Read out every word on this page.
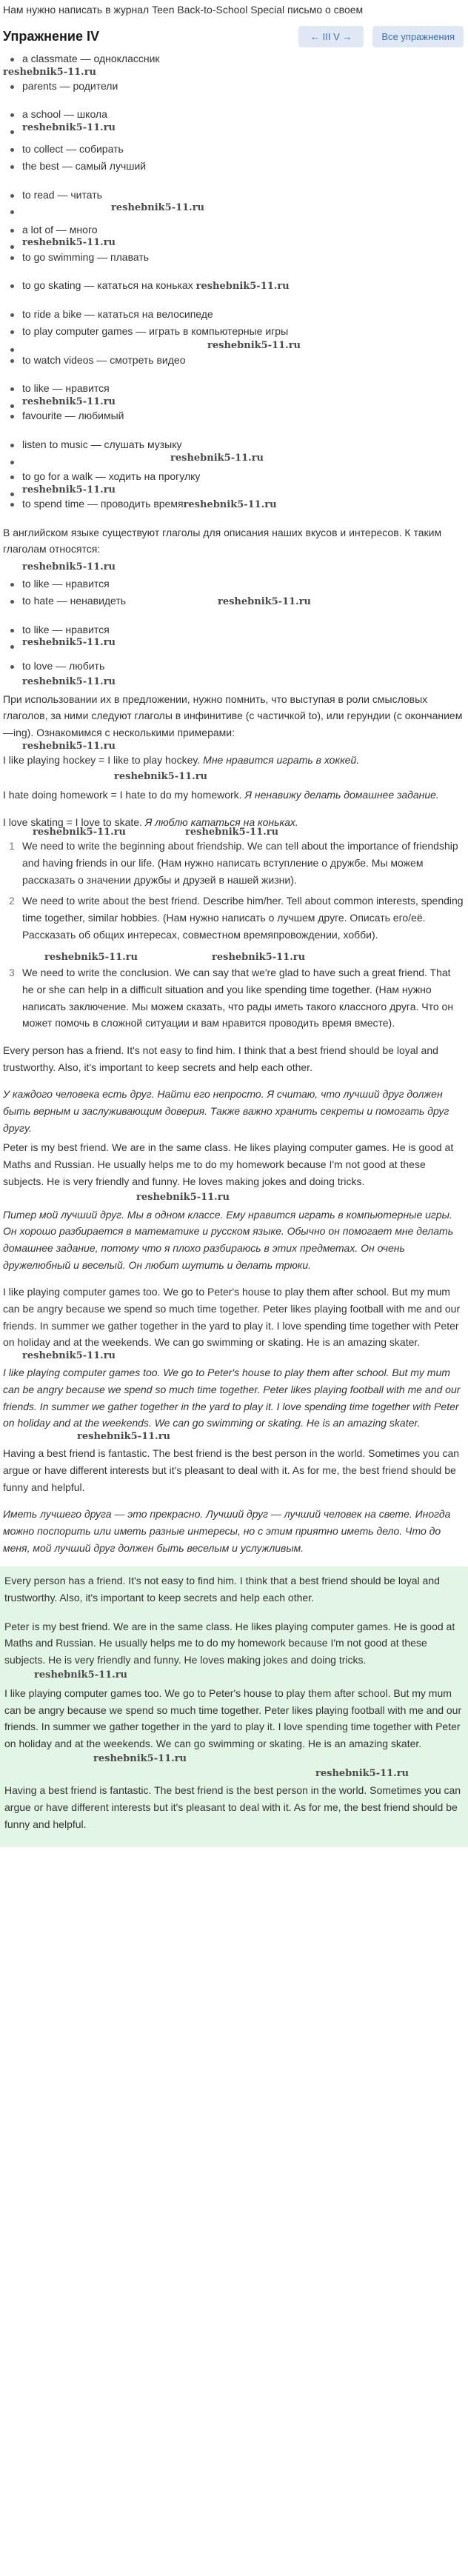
Нам нужно написать в журнал Teen Back-to-School Special письмо о своем

Упражнение IV	← III V →	Все упражнения
a classmate — одноклассник
reshebnik5-11.ru
parents — родители
a school — школа
reshebnik5-11.ru
to collect — собирать
the best — самый лучший
to read — читать
reshebnik5-11.ru
a lot of — много
reshebnik5-11.ru
to go swimming — плавать
to go skating — кататься на коньках reshebnik5-11.ru
to ride a bike — кататься на велосипеде
to play computer games — играть в компьютерные игры
reshebnik5-11.ru
to watch videos — смотреть видео
to like — нравится
reshebnik5-11.ru
favourite — любимый
listen to music — слушать музыку
reshebnik5-11.ru
to go for a walk — ходить на прогулку
reshebnik5-11.ru
to spend time — проводить времяreshebnik5-11.ru

В английском языке существуют глаголы для описания наших вкусов и интересов. К таким глаголам относятся:

reshebnik5-11.ru
to like — нравится
to hate — ненавидеть	reshebnik5-11.ru
to like — нравится
reshebnik5-11.ru
to love — любить
reshebnik5-11.ru

При использовании их в предложении, нужно помнить, что выступая в роли смысловых глаголов, за ними следуют глаголы в инфинитиве (с частичкой to), или герундии (с окончанием —ing). Ознакомимся с несколькими примерами:

reshebnik5-11.ru

I like playing hockey = I like to play hockey. Мне нравится играть в хоккей.

reshebnik5-11.ru

I hate doing homework = I hate to do my homework. Я ненавижу делать домашнее задание.

I love skating = I love to skate. Я люблю кататься на коньках.

reshebnik5-11.ru	reshebnik5-11.ru
1 We need to write the beginning about friendship. We can tell about the importance of friendship and having friends in our life. (Нам нужно написать вступление о дружбе. Мы можем рассказать о значении дружбы и друзей в нашей жизни).
2 We need to write about the best friend. Describe him/her. Tell about common interests, spending time together, similar hobbies. (Нам нужно написать о лучшем друге. Описать его/её. Рассказать об общих интересах, совместном времяпровождении, хобби).
reshebnik5-11.ru	reshebnik5-11.ru
3 We need to write the conclusion. We can say that we're glad to have such a great friend. That he or she can help in a difficult situation and you like spending time together. (Нам нужно написать заключение. Мы можем сказать, что рады иметь такого классного друга. Что он может помочь в сложной ситуации и вам нравится проводить время вместе).

Every person has a friend. It's not easy to find him. I think that a best friend should be loyal and trustworthy. Also, it's important to keep secrets and help each other.

У каждого человека есть друг. Найти его непросто. Я считаю, что лучший друг должен быть верным и заслуживающим доверия. Также важно хранить секреты и помогать друг другу.

Peter is my best friend. We are in the same class. He likes playing computer games. He is good at Maths and Russian. He usually helps me to do my homework because I'm not good at these subjects. He is very friendly and funny. He loves making jokes and doing tricks.

reshebnik5-11.ru

Питер мой лучший друг. Мы в одном классе. Ему нравится играть в компьютерные игры. Он хорошо разбирается в математике и русском языке. Обычно он помогает мне делать домашнее задание, потому что я плохо разбираюсь в этих предметах. Он очень дружелюбный и веселый. Он любит шутить и делать трюки.

I like playing computer games too. We go to Peter's house to play them after school. But my mum can be angry because we spend so much time together. Peter likes playing football with me and our friends. In summer we gather together in the yard to play it. I love spending time together with Peter on holiday and at the weekends. We can go swimming or skating. He is an amazing skater.

reshebnik5-11.ru

I like playing computer games too. We go to Peter's house to play them after school. But my mum can be angry because we spend so much time together. Peter likes playing football with me and our friends. In summer we gather together in the yard to play it. I love spending time together with Peter on holiday and at the weekends. We can go swimming or skating. He is an amazing skater.

reshebnik5-11.ru

Having a best friend is fantastic. The best friend is the best person in the world. Sometimes you can argue or have different interests but it's pleasant to deal with it. As for me, the best friend should be funny and helpful.

Иметь лучшего друга — это прекрасно. Лучший друг — лучший человек на свете. Иногда можно поспорить или иметь разные интересы, но с этим приятно иметь дело. Что до меня, мой лучший друг должен быть веселым и услужливым.

Every person has a friend. It's not easy to find him. I think that a best friend should be loyal and trustworthy. Also, it's important to keep secrets and help each other.

Peter is my best friend. We are in the same class. He likes playing computer games. He is good at Maths and Russian. He usually helps me to do my homework because I'm not good at these subjects. He is very friendly and funny. He loves making jokes and doing tricks.

reshebnik5-11.ru

I like playing computer games too. We go to Peter's house to play them after school. But my mum can be angry because we spend so much time together. Peter likes playing football with me and our friends. In summer we gather together in the yard to play it. I love spending time together with Peter on holiday and at the weekends. We can go swimming or skating. He is an amazing skater.

reshebnik5-11.ru
reshebnik5-11.ru

Having a best friend is fantastic. The best friend is the best person in the world. Sometimes you can argue or have different interests but it's pleasant to deal with it. As for me, the best friend should be funny and helpful.
